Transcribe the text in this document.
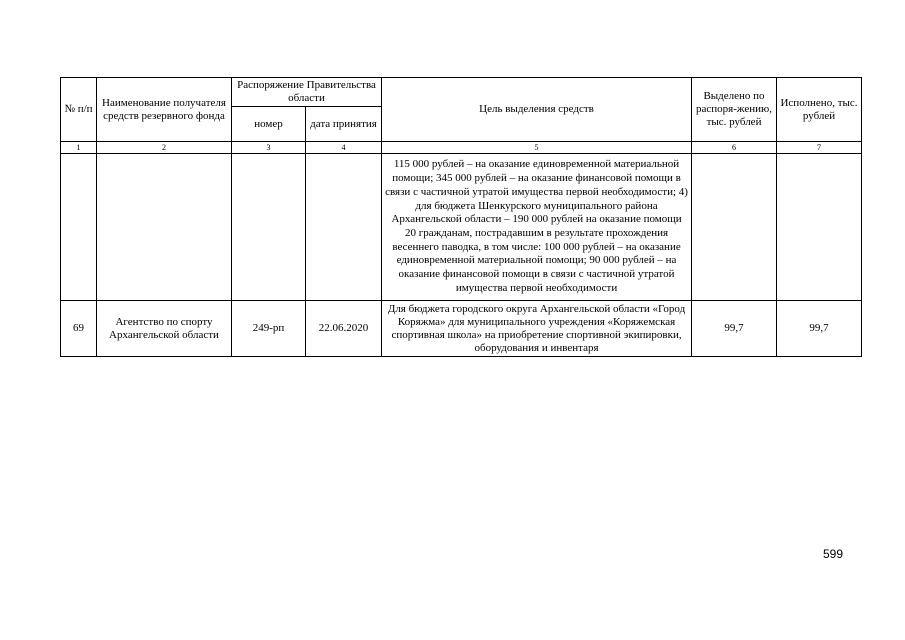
№ п/п	Наименование получателя средств резервного фонда	Распоряжение Правительства области		Цель выделения средств	Выделено по распоря-жению, тыс. рублей	Исполнено, тыс. рублей
		номер	дата принятия			
1	2	3	4	5	6	7
				115 000 рублей – на оказание единовременной материальной помощи; 345 000 рублей – на оказание финансовой помощи в связи с частичной утратой имущества первой необходимости; 4) для бюджета Шенкурского муниципального района Архангельской области – 190 000 рублей на оказание помощи 20 гражданам, пострадавшим в результате прохождения весеннего паводка, в том числе: 100 000 рублей – на оказание единовременной материальной помощи; 90 000 рублей – на оказание финансовой помощи в связи с частичной утратой имущества первой необходимости		
69	Агентство по спорту Архангельской области	249-рп	22.06.2020	Для бюджета городского округа Архангельской области «Город Коряжма» для муниципального учреждения «Коряжемская спортивная школа» на приобретение спортивной экипировки, оборудования и инвентаря	99,7	99,7
599
